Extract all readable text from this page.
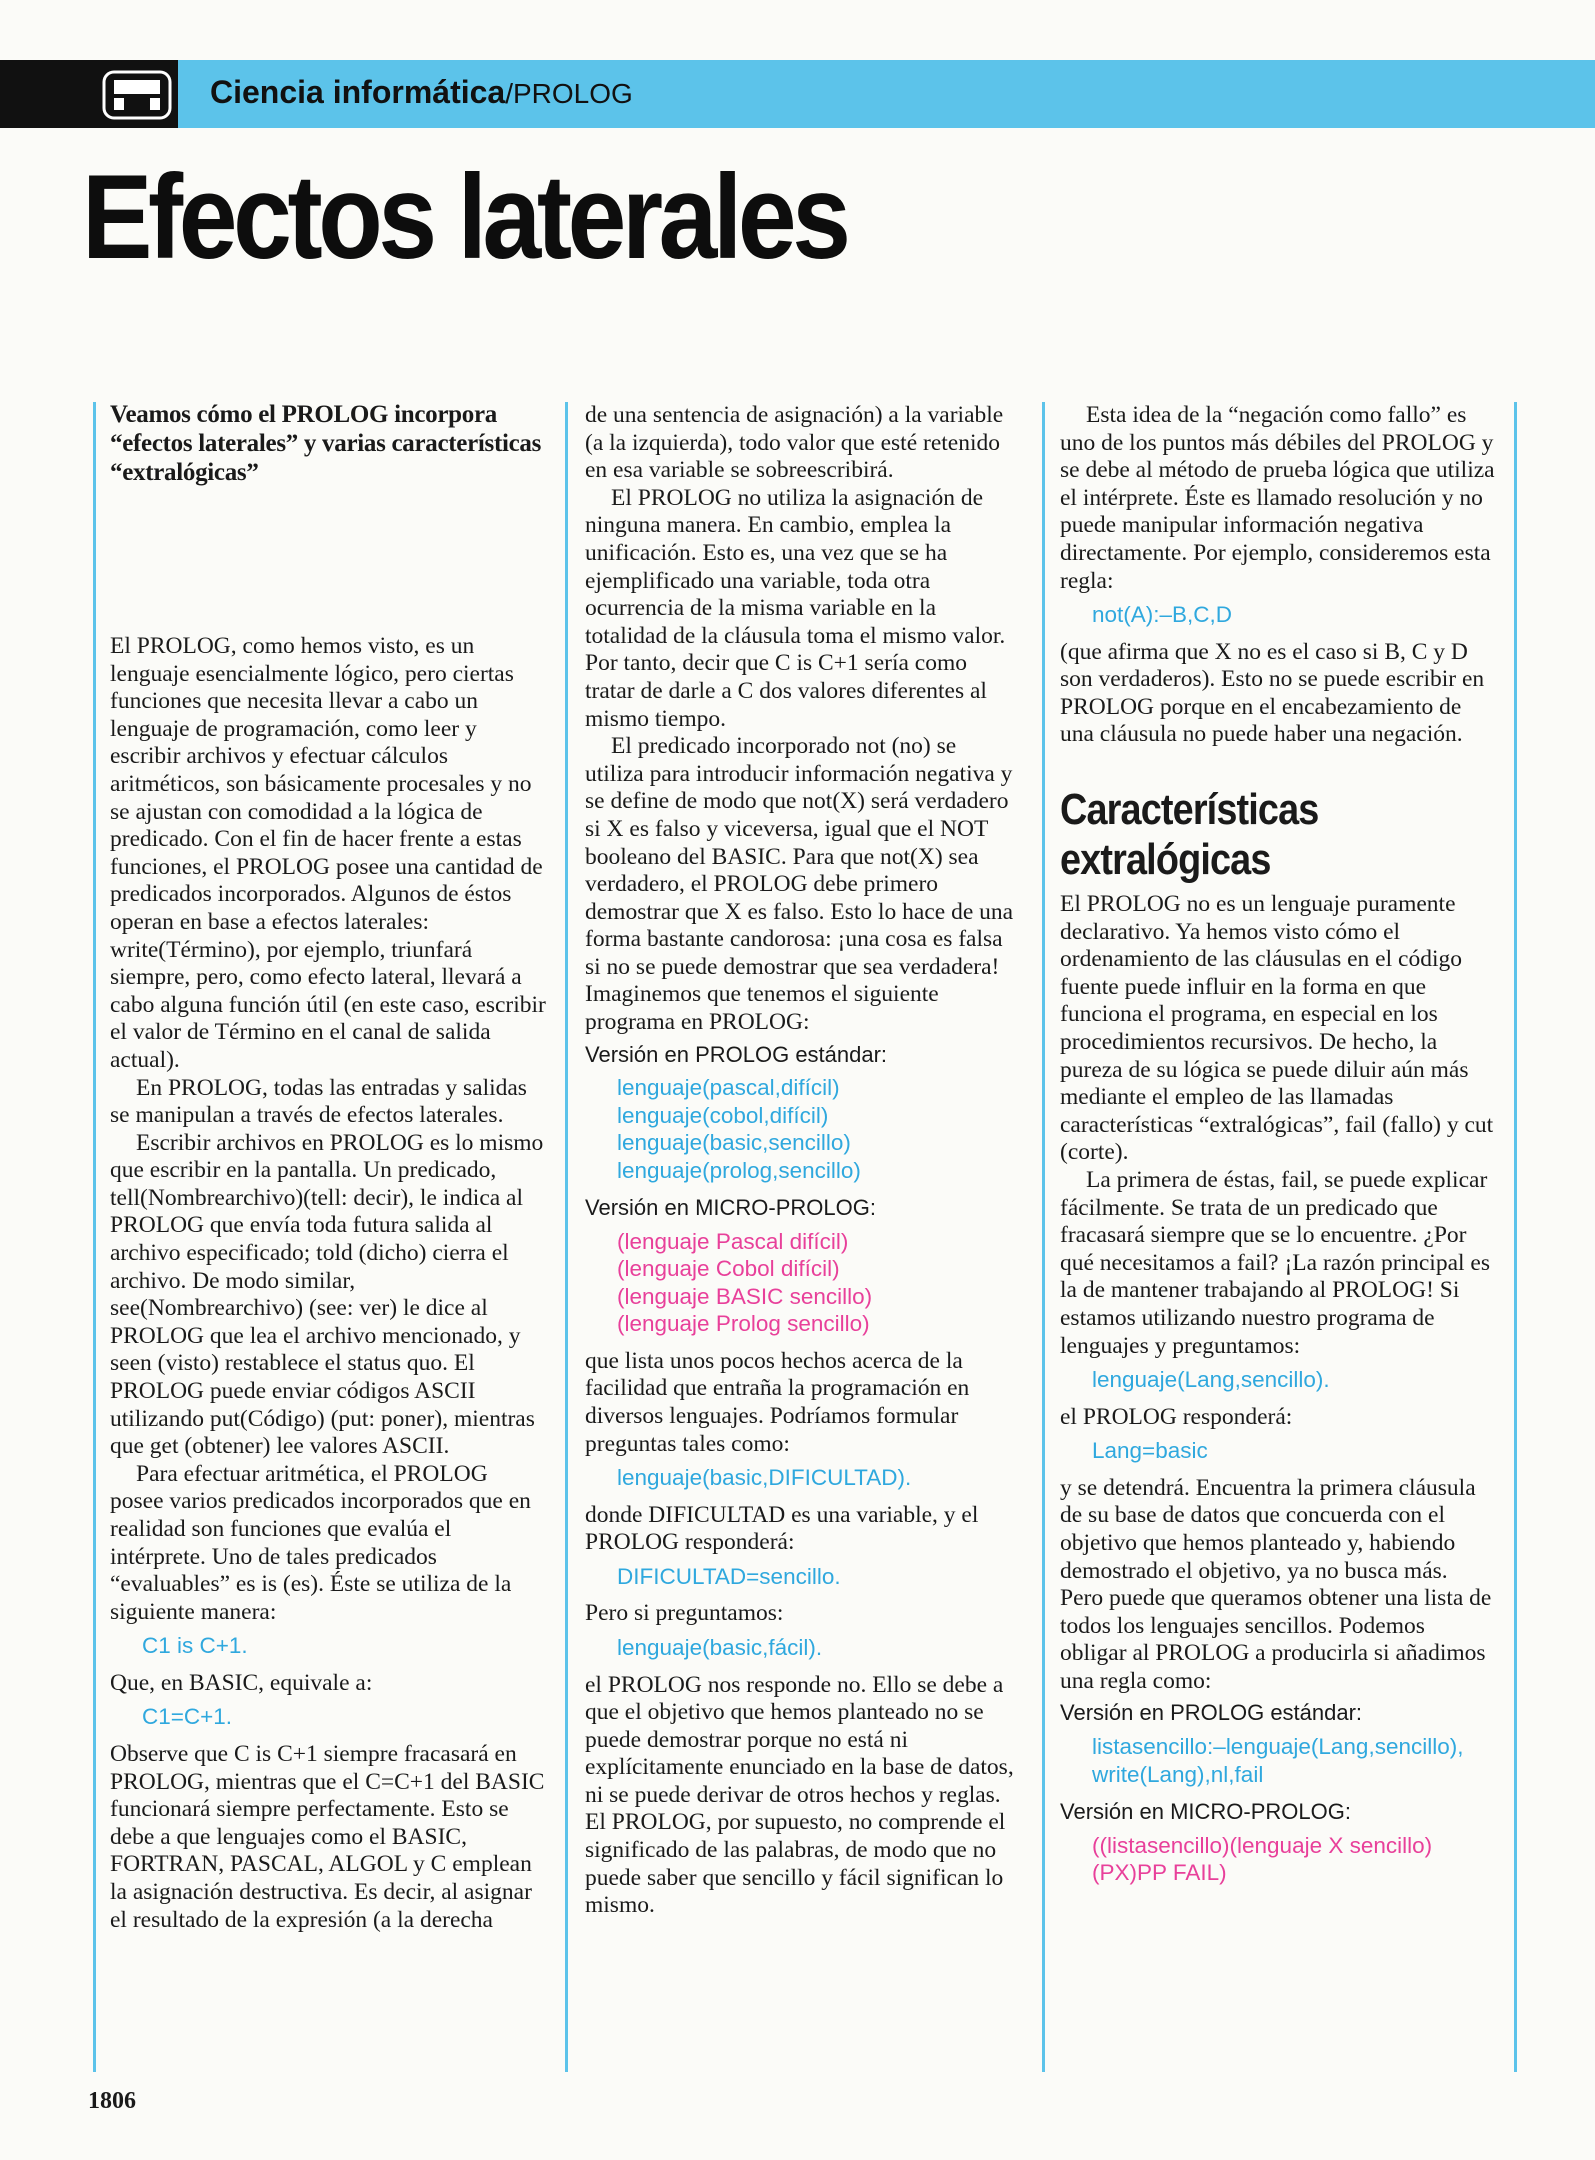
Ciencia informática/PROLOG
Efectos laterales

Veamos cómo el PROLOG incorpora “efectos laterales” y varias características “extralógicas”

El PROLOG, como hemos visto, es un lenguaje esencialmente lógico, pero ciertas funciones que necesita llevar a cabo un lenguaje de programación, como leer y escribir archivos y efectuar cálculos aritméticos, son básicamente procesales y no se ajustan con comodidad a la lógica de predicado. Con el fin de hacer frente a estas funciones, el PROLOG posee una cantidad de predicados incorporados. Algunos de éstos operan en base a efectos laterales: write(Término), por ejemplo, triunfará siempre, pero, como efecto lateral, llevará a cabo alguna función útil (en este caso, escribir el valor de Término en el canal de salida actual).

En PROLOG, todas las entradas y salidas se manipulan a través de efectos laterales.

Escribir archivos en PROLOG es lo mismo que escribir en la pantalla. Un predicado, tell(Nombrearchivo)(tell: decir), le indica al PROLOG que envía toda futura salida al archivo especificado; told (dicho) cierra el archivo. De modo similar, see(Nombrearchivo) (see: ver) le dice al PROLOG que lea el archivo mencionado, y seen (visto) restablece el status quo. El PROLOG puede enviar códigos ASCII utilizando put(Código) (put: poner), mientras que get (obtener) lee valores ASCII.

Para efectuar aritmética, el PROLOG posee varios predicados incorporados que en realidad son funciones que evalúa el intérprete. Uno de tales predicados “evaluables” es is (es). Éste se utiliza de la siguiente manera:

C1 is C+1.

Que, en BASIC, equivale a:

C1=C+1.

Observe que C is C+1 siempre fracasará en PROLOG, mientras que el C=C+1 del BASIC funcionará siempre perfectamente. Esto se debe a que lenguajes como el BASIC, FORTRAN, PASCAL, ALGOL y C emplean la asignación destructiva. Es decir, al asignar el resultado de la expresión (a la derecha

de una sentencia de asignación) a la variable (a la izquierda), todo valor que esté retenido en esa variable se sobreescribirá.

El PROLOG no utiliza la asignación de ninguna manera. En cambio, emplea la unificación. Esto es, una vez que se ha ejemplificado una variable, toda otra ocurrencia de la misma variable en la totalidad de la cláusula toma el mismo valor. Por tanto, decir que C is C+1 sería como tratar de darle a C dos valores diferentes al mismo tiempo.

El predicado incorporado not (no) se utiliza para introducir información negativa y se define de modo que not(X) será verdadero si X es falso y viceversa, igual que el NOT booleano del BASIC. Para que not(X) sea verdadero, el PROLOG debe primero demostrar que X es falso. Esto lo hace de una forma bastante candorosa: ¡una cosa es falsa si no se puede demostrar que sea verdadera! Imaginemos que tenemos el siguiente programa en PROLOG:

Versión en PROLOG estándar:
lenguaje(pascal,difícil)
lenguaje(cobol,difícil)
lenguaje(basic,sencillo)
lenguaje(prolog,sencillo)
Versión en MICRO-PROLOG:
(lenguaje Pascal difícil)
(lenguaje Cobol difícil)
(lenguaje BASIC sencillo)
(lenguaje Prolog sencillo)

que lista unos pocos hechos acerca de la facilidad que entraña la programación en diversos lenguajes. Podríamos formular preguntas tales como:

lenguaje(basic,DIFICULTAD).

donde DIFICULTAD es una variable, y el PROLOG responderá:

DIFICULTAD=sencillo.

Pero si preguntamos:

lenguaje(basic,fácil).

el PROLOG nos responde no. Ello se debe a que el objetivo que hemos planteado no se puede demostrar porque no está ni explícitamente enunciado en la base de datos, ni se puede derivar de otros hechos y reglas. El PROLOG, por supuesto, no comprende el significado de las palabras, de modo que no puede saber que sencillo y fácil significan lo mismo.

Esta idea de la “negación como fallo” es uno de los puntos más débiles del PROLOG y se debe al método de prueba lógica que utiliza el intérprete. Éste es llamado resolución y no puede manipular información negativa directamente. Por ejemplo, consideremos esta regla:

not(A):–B,C,D

(que afirma que X no es el caso si B, C y D son verdaderos). Esto no se puede escribir en PROLOG porque en el encabezamiento de una cláusula no puede haber una negación.

Características extralógicas

El PROLOG no es un lenguaje puramente declarativo. Ya hemos visto cómo el ordenamiento de las cláusulas en el código fuente puede influir en la forma en que funciona el programa, en especial en los procedimientos recursivos. De hecho, la pureza de su lógica se puede diluir aún más mediante el empleo de las llamadas características “extralógicas”, fail (fallo) y cut (corte).

La primera de éstas, fail, se puede explicar fácilmente. Se trata de un predicado que fracasará siempre que se lo encuentre. ¿Por qué necesitamos a fail? ¡La razón principal es la de mantener trabajando al PROLOG! Si estamos utilizando nuestro programa de lenguajes y preguntamos:

lenguaje(Lang,sencillo).

el PROLOG responderá:

Lang=basic

y se detendrá. Encuentra la primera cláusula de su base de datos que concuerda con el objetivo que hemos planteado y, habiendo demostrado el objetivo, ya no busca más. Pero puede que queramos obtener una lista de todos los lenguajes sencillos. Podemos obligar al PROLOG a producirla si añadimos una regla como:

Versión en PROLOG estándar:
listasencillo:–lenguaje(Lang,sencillo),
write(Lang),nl,fail
Versión en MICRO-PROLOG:
((listasencillo)(lenguaje X sencillo)
(PX)PP FAIL)
1806
